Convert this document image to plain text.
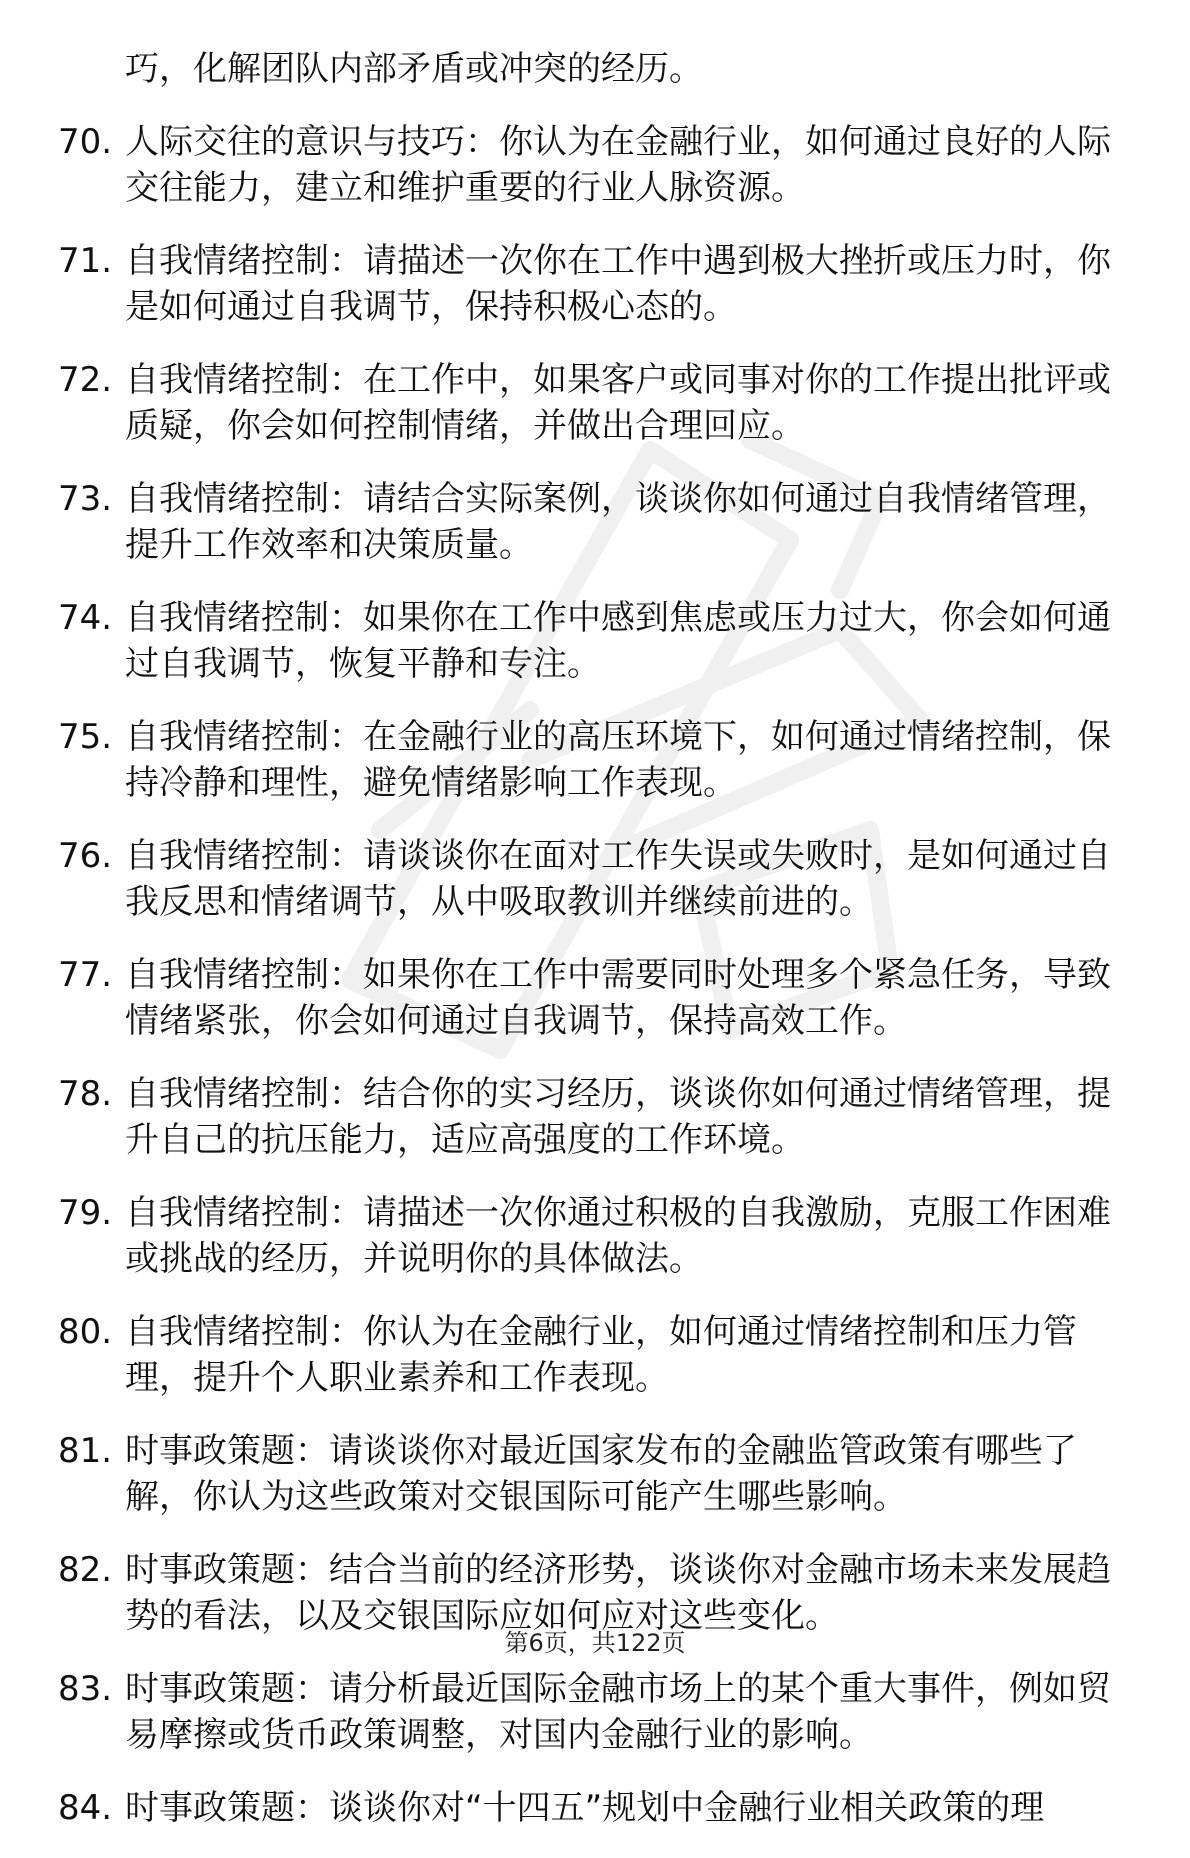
巧，化解团队内部矛盾或冲突的经历。
70. 人际交往的意识与技巧：你认为在金融行业，如何通过良好的人际交往能力，建立和维护重要的行业人脉资源。
71. 自我情绪控制：请描述一次你在工作中遇到极大挫折或压力时，你是如何通过自我调节，保持积极心态的。
72. 自我情绪控制：在工作中，如果客户或同事对你的工作提出批评或质疑，你会如何控制情绪，并做出合理回应。
73. 自我情绪控制：请结合实际案例，谈谈你如何通过自我情绪管理，提升工作效率和决策质量。
74. 自我情绪控制：如果你在工作中感到焦虑或压力过大，你会如何通过自我调节，恢复平静和专注。
75. 自我情绪控制：在金融行业的高压环境下，如何通过情绪控制，保持冷静和理性，避免情绪影响工作表现。
76. 自我情绪控制：请谈谈你在面对工作失误或失败时，是如何通过自我反思和情绪调节，从中吸取教训并继续前进的。
77. 自我情绪控制：如果你在工作中需要同时处理多个紧急任务，导致情绪紧张，你会如何通过自我调节，保持高效工作。
78. 自我情绪控制：结合你的实习经历，谈谈你如何通过情绪管理，提升自己的抗压能力，适应高强度的工作环境。
79. 自我情绪控制：请描述一次你通过积极的自我激励，克服工作困难或挑战的经历，并说明你的具体做法。
80. 自我情绪控制：你认为在金融行业，如何通过情绪控制和压力管理，提升个人职业素养和工作表现。
81. 时事政策题：请谈谈你对最近国家发布的金融监管政策有哪些了解，你认为这些政策对交银国际可能产生哪些影响。
82. 时事政策题：结合当前的经济形势，谈谈你对金融市场未来发展趋势的看法，以及交银国际应如何应对这些变化。
83. 时事政策题：请分析最近国际金融市场上的某个重大事件，例如贸易摩擦或货币政策调整，对国内金融行业的影响。
84. 时事政策题：谈谈你对“十四五”规划中金融行业相关政策的理
第6页，共122页
